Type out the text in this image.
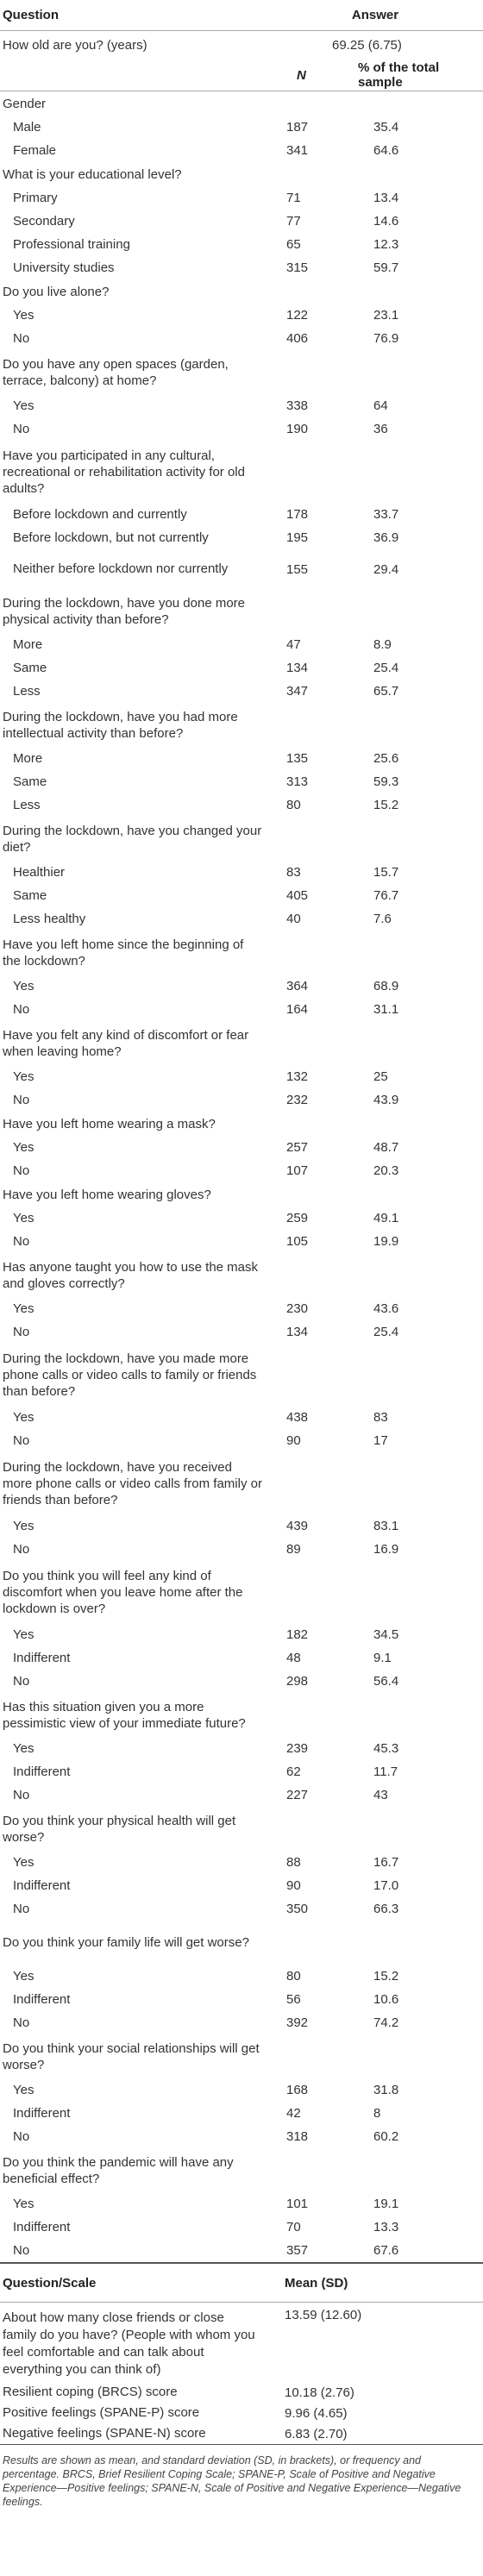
Question	Answer	
How old are you? (years)	69.25 (6.75)	
	N	% of the total sample

Gender		

Male	187	35.4

Female	341	64.6

What is your educational level?		

Primary	71	13.4

Secondary	77	14.6

Professional training	65	12.3

University studies	315	59.7

Do you live alone?		

Yes	122	23.1

No	406	76.9

Do you have any open spaces (garden, terrace, balcony) at home?		

Yes	338	64

No	190	36

Have you participated in any cultural, recreational or rehabilitation activity for old adults?		

Before lockdown and currently	178	33.7

Before lockdown, but not currently	195	36.9

Neither before lockdown nor currently	155	29.4

During the lockdown, have you done more physical activity than before?		

More	47	8.9

Same	134	25.4

Less	347	65.7

During the lockdown, have you had more intellectual activity than before?		

More	135	25.6

Same	313	59.3

Less	80	15.2

During the lockdown, have you changed your diet?		

Healthier	83	15.7

Same	405	76.7

Less healthy	40	7.6

Have you left home since the beginning of the lockdown?		

Yes	364	68.9

No	164	31.1

Have you felt any kind of discomfort or fear when leaving home?		

Yes	132	25

No	232	43.9

Have you left home wearing a mask?		

Yes	257	48.7

No	107	20.3

Have you left home wearing gloves?		

Yes	259	49.1

No	105	19.9

Has anyone taught you how to use the mask and gloves correctly?		

Yes	230	43.6

No	134	25.4

During the lockdown, have you made more phone calls or video calls to family or friends than before?		

Yes	438	83

No	90	17

During the lockdown, have you received more phone calls or video calls from family or friends than before?		

Yes	439	83.1

No	89	16.9

Do you think you will feel any kind of discomfort when you leave home after the lockdown is over?		

Yes	182	34.5

Indifferent	48	9.1

No	298	56.4

Has this situation given you a more pessimistic view of your immediate future?		

Yes	239	45.3

Indifferent	62	11.7

No	227	43

Do you think your physical health will get worse?		

Yes	88	16.7

Indifferent	90	17.0

No	350	66.3

Do you think your family life will get worse?		

Yes	80	15.2

Indifferent	56	10.6

No	392	74.2

Do you think your social relationships will get worse?		

Yes	168	31.8

Indifferent	42	8

No	318	60.2

Do you think the pandemic will have any beneficial effect?		

Yes	101	19.1

Indifferent	70	13.3

No	357	67.6
Question/Scale	Mean (SD)
About how many close friends or close family do you have? (People with whom you feel comfortable and can talk about everything you can think of)	13.59 (12.60)
Resilient coping (BRCS) score	10.18 (2.76)
Positive feelings (SPANE-P) score	9.96 (4.65)
Negative feelings (SPANE-N) score	6.83 (2.70)
Results are shown as mean, and standard deviation (SD, in brackets), or frequency and percentage. BRCS, Brief Resilient Coping Scale; SPANE-P, Scale of Positive and Negative Experience—Positive feelings; SPANE-N, Scale of Positive and Negative Experience—Negative feelings.
